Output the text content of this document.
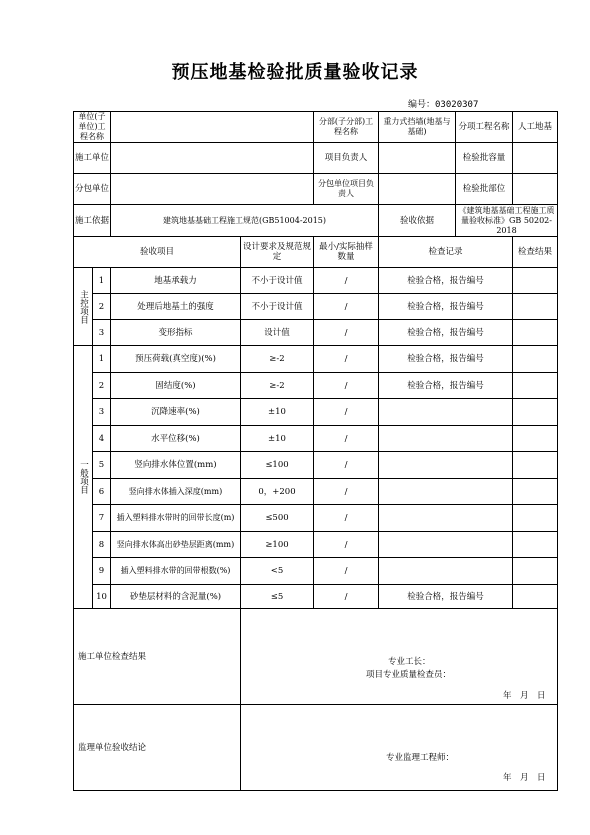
预压地基检验批质量验收记录
编号：03020307
单位(子单位)工程名称				分部(子分部)工程名称	重力式挡墙(地基与基础)	分项工程名称	人工地基
施工单位				项目负责人		检验批容量	
分包单位				分包单位项目负责人		检验批部位	
施工依据		建筑地基基础工程施工规范(GB51004-2015)			验收依据	《建筑地基基础工程施工质量验收标准》GB 50202-2018	
验收项目			设计要求及规范规定	最小/实际抽样数量	检查记录		检查结果
主控项目	1	地基承载力	不小于设计值	/	检验合格，报告编号		
	2	处理后地基土的强度	不小于设计值	/	检验合格，报告编号		
	3	变形指标	设计值	/	检验合格，报告编号		
一般项目	1	预压荷载(真空度)(%)	≥-2	/	检验合格，报告编号		
	2	固结度(%)	≥-2	/	检验合格，报告编号		
	3	沉降速率(%)	±10	/			
	4	水平位移(%)	±10	/			
	5	竖向排水体位置(mm)	≤100	/			
	6	竖向排水体插入深度(mm)	0，+200	/			
	7	插入塑料排水带时的回带长度(m)	≤500	/			
	8	竖向排水体高出砂垫层距离(mm)	≥100	/			
	9	插入塑料排水带的回带根数(%)	<5	/			
	10	砂垫层材料的含泥量(%)	≤5	/	检验合格，报告编号		

施工单位检查结果			专业工长：
项目专业质量检查员：
年　月　日				

监理单位验收结论			专业监理工程师：
年　月　日				
